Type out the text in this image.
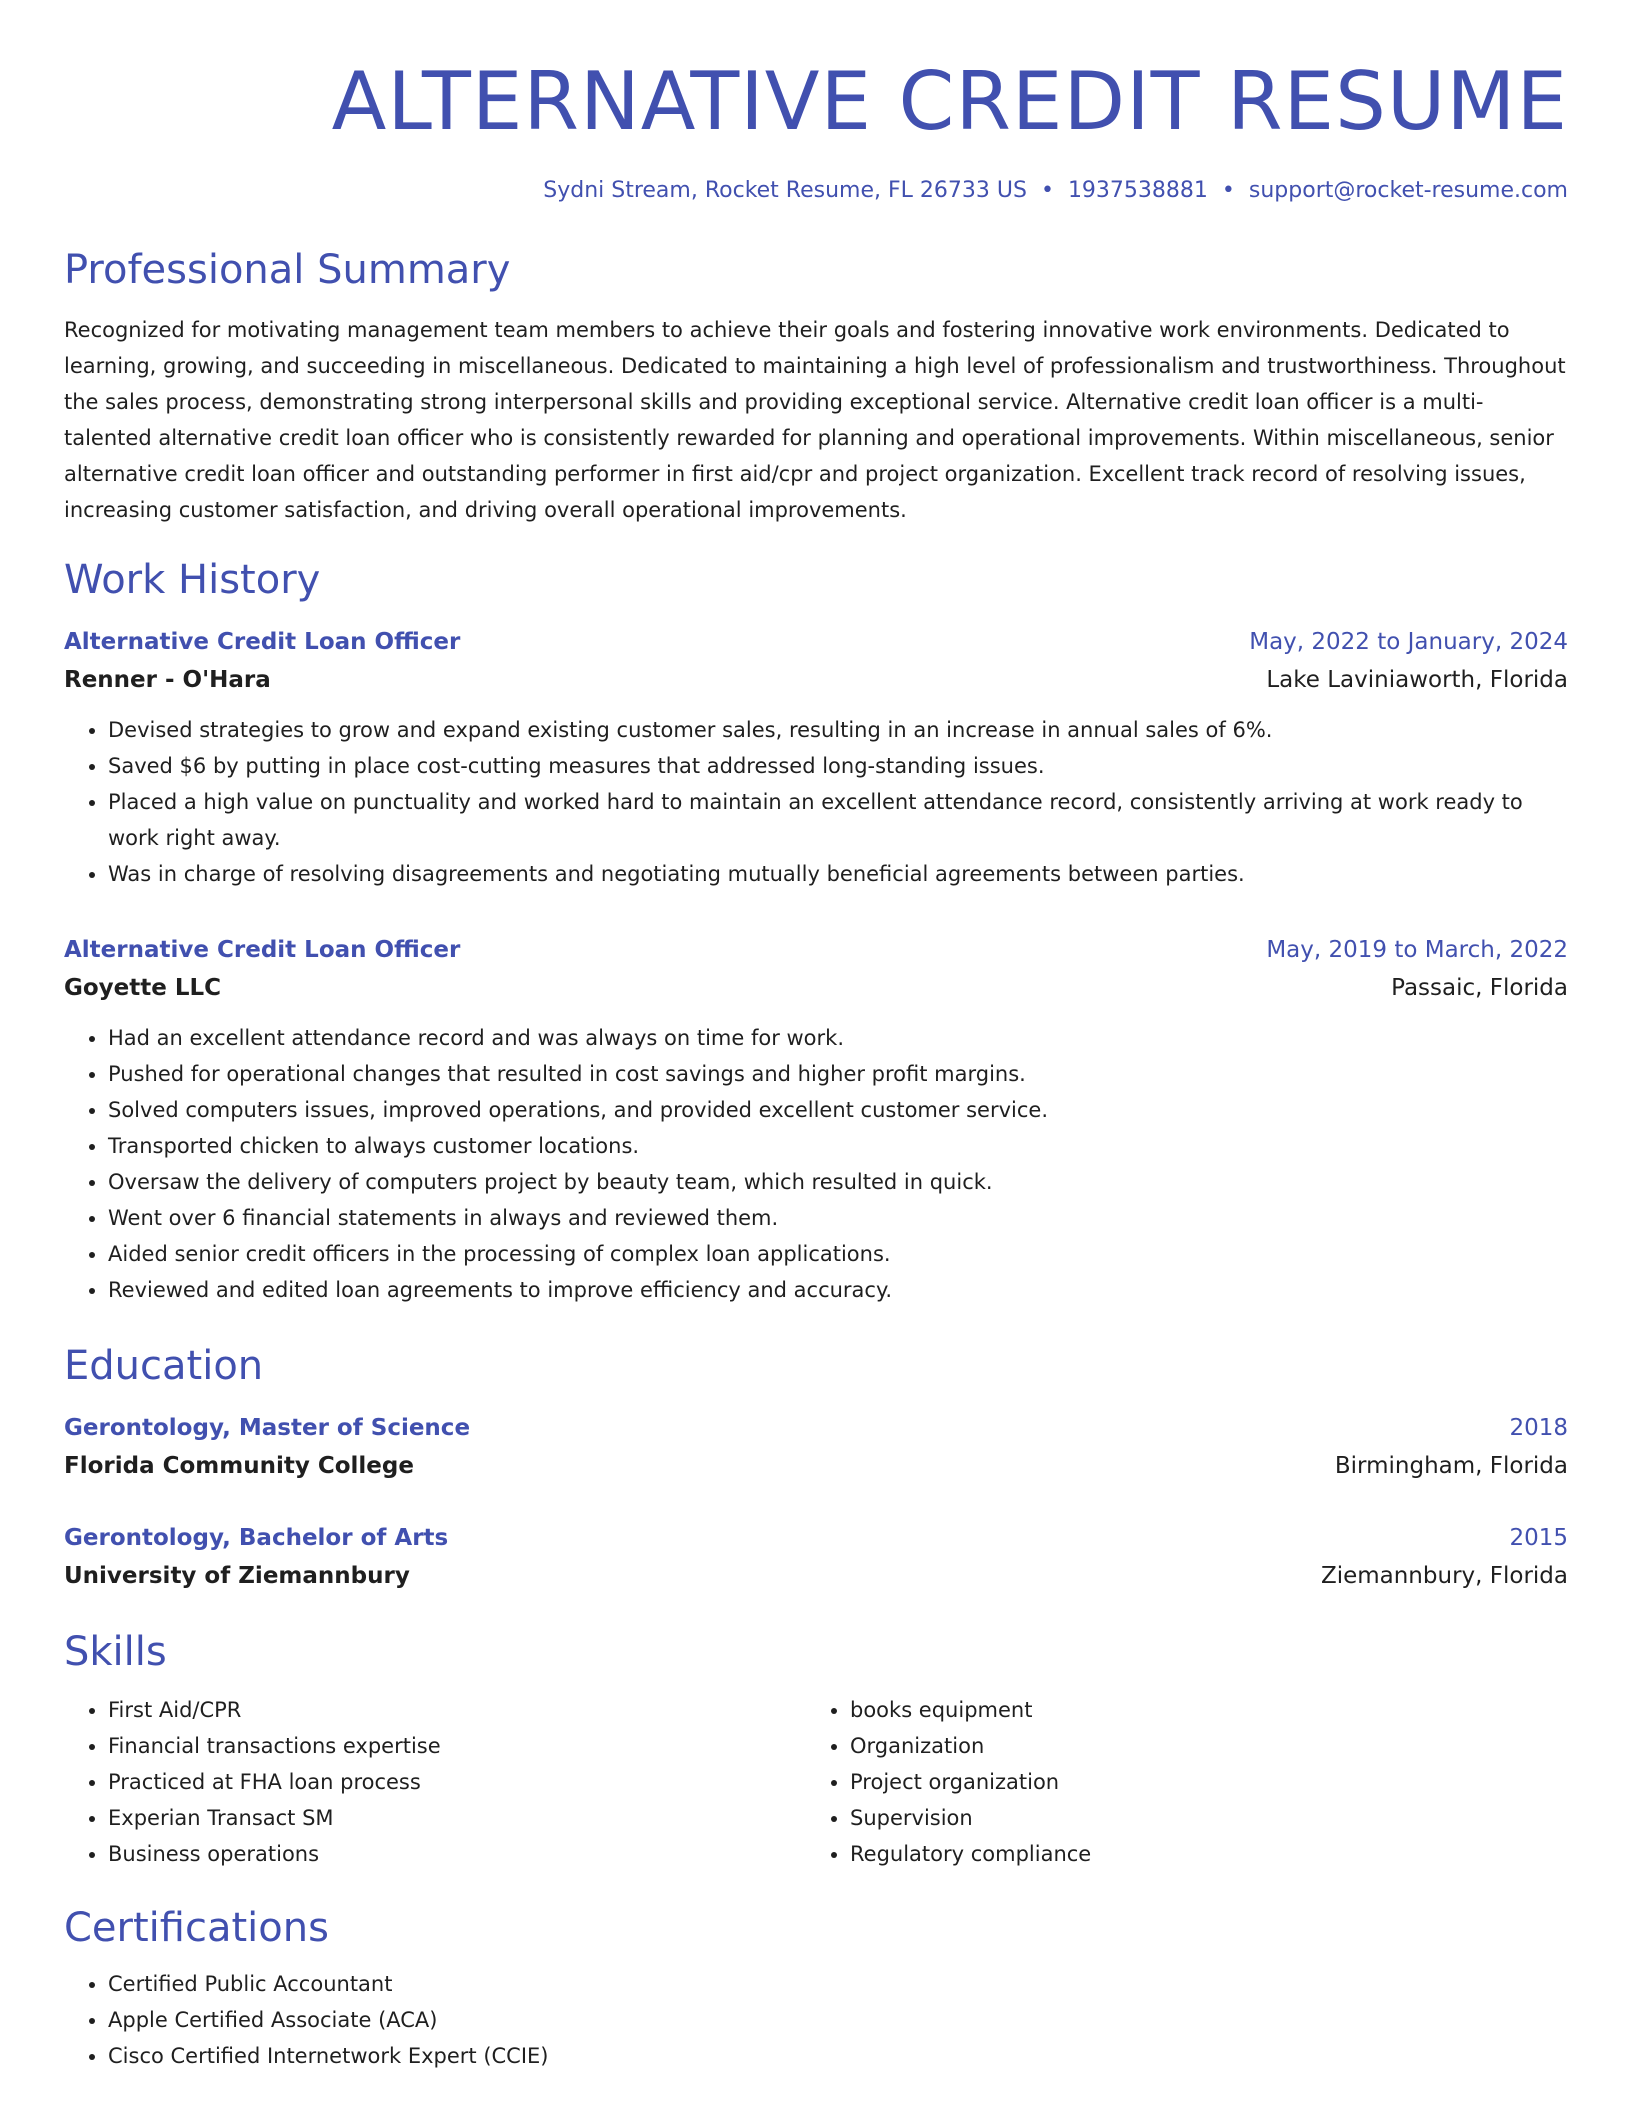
ALTERNATIVE CREDIT RESUME
Sydni Stream, Rocket Resume, FL 26733 US • 1937538881 • support@rocket-resume.com
Professional Summary

Recognized for motivating management team members to achieve their goals and fostering innovative work environments. Dedicated to learning, growing, and succeeding in miscellaneous. Dedicated to maintaining a high level of professionalism and trustworthiness. Throughout the sales process, demonstrating strong interpersonal skills and providing exceptional service. Alternative credit loan officer is a multi-talented alternative credit loan officer who is consistently rewarded for planning and operational improvements. Within miscellaneous, senior alternative credit loan officer and outstanding performer in first aid/cpr and project organization. Excellent track record of resolving issues, increasing customer satisfaction, and driving overall operational improvements.

Work History
Alternative Credit Loan Officer	May, 2022 to January, 2024
Renner - O'Hara	Lake Laviniaworth, Florida
• Devised strategies to grow and expand existing customer sales, resulting in an increase in annual sales of 6%.
• Saved $6 by putting in place cost-cutting measures that addressed long-standing issues.
• Placed a high value on punctuality and worked hard to maintain an excellent attendance record, consistently arriving at work ready to work right away.
• Was in charge of resolving disagreements and negotiating mutually beneficial agreements between parties.
Alternative Credit Loan Officer	May, 2019 to March, 2022
Goyette LLC	Passaic, Florida
• Had an excellent attendance record and was always on time for work.
• Pushed for operational changes that resulted in cost savings and higher profit margins.
• Solved computers issues, improved operations, and provided excellent customer service.
• Transported chicken to always customer locations.
• Oversaw the delivery of computers project by beauty team, which resulted in quick.
• Went over 6 financial statements in always and reviewed them.
• Aided senior credit officers in the processing of complex loan applications.
• Reviewed and edited loan agreements to improve efficiency and accuracy.
Education
Gerontology, Master of Science	2018
Florida Community College	Birmingham, Florida
Gerontology, Bachelor of Arts	2015
University of Ziemannbury	Ziemannbury, Florida
Skills
• First Aid/CPR
• Financial transactions expertise
• Practiced at FHA loan process
• Experian Transact SM
• Business operations
• books equipment
• Organization
• Project organization
• Supervision
• Regulatory compliance
Certifications
• Certified Public Accountant
• Apple Certified Associate (ACA)
• Cisco Certified Internetwork Expert (CCIE)
